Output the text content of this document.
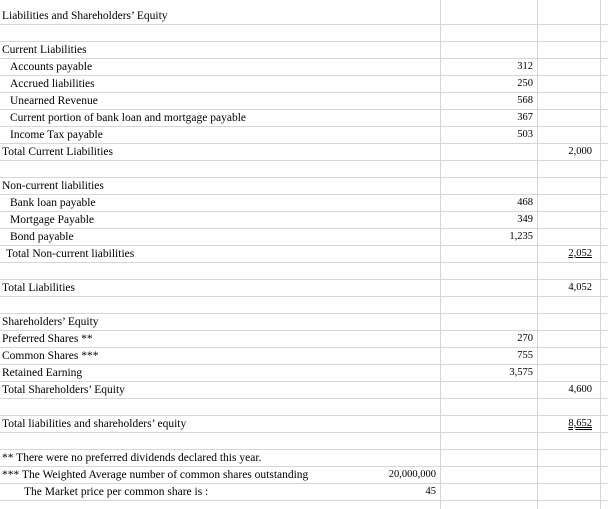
Liabilities and Shareholders’ Equity
Current Liabilities
Accounts payable	312
Accrued liabilities	250
Unearned Revenue	568
Current portion of bank loan and mortgage payable	367
Income Tax payable	503
Total Current Liabilities	2,000
Non-current liabilities
Bank loan payable	468
Mortgage Payable	349
Bond payable	1,235
Total Non-current liabilities	2,052
Total Liabilities	4,052
Shareholders’ Equity
Preferred Shares **	270
Common Shares ***	755
Retained Earning	3,575
Total Shareholders’ Equity	4,600
Total liabilities and shareholders’ equity	8,652
** There were no preferred dividends declared this year.
*** The Weighted Average number of common shares outstanding	20,000,000
The Market price per common share is :	45
